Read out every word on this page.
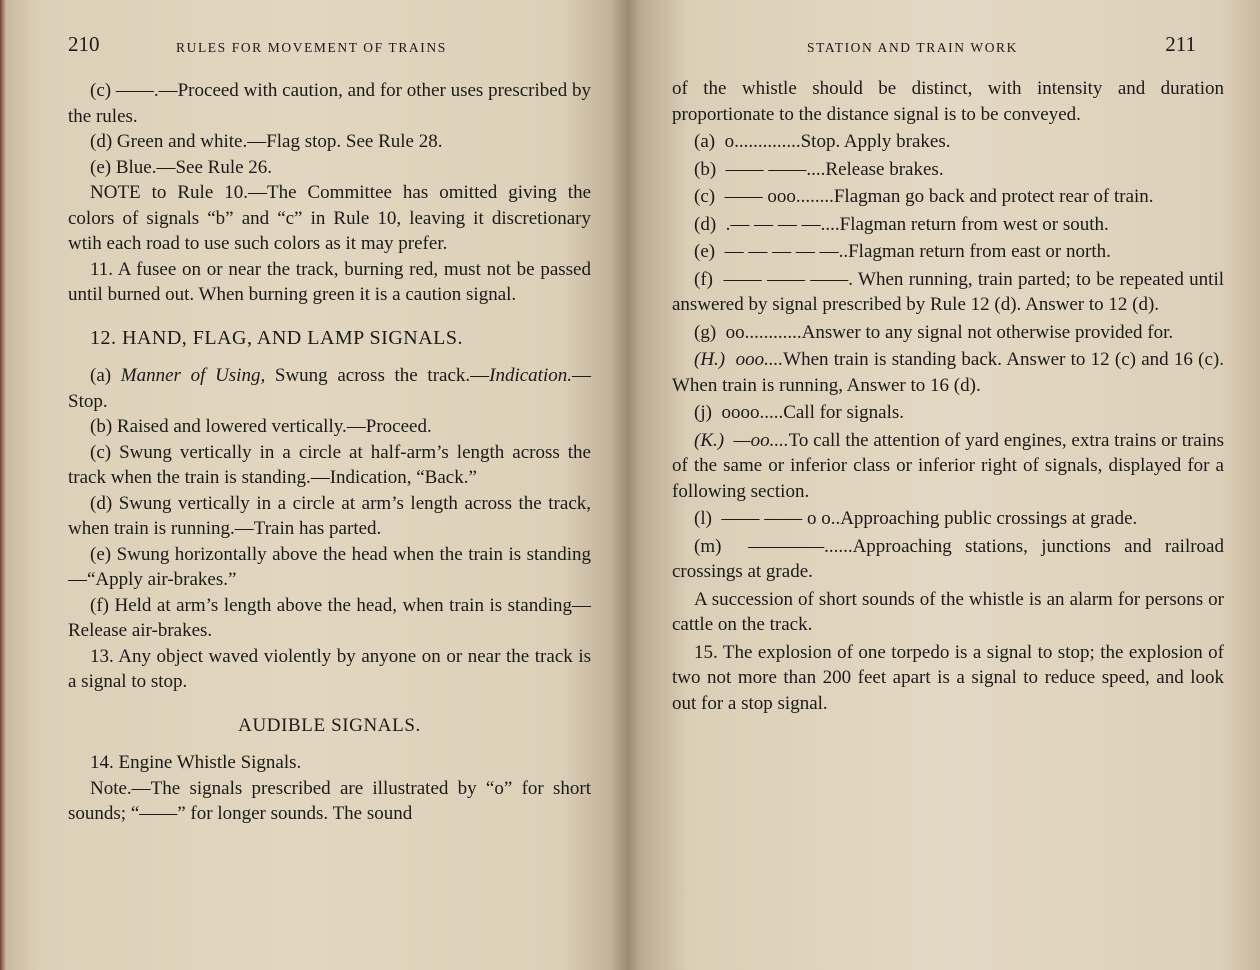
210	RULES FOR MOVEMENT OF TRAINS

(c) ——.—Proceed with caution, and for other uses prescribed by the rules.

(d) Green and white.—Flag stop. See Rule 28.

(e) Blue.—See Rule 26.

NOTE to Rule 10.—The Committee has omitted giving the colors of signals “b” and “c” in Rule 10, leaving it discretionary wtih each road to use such colors as it may prefer.

11. A fusee on or near the track, burning red, must not be passed until burned out. When burning green it is a caution signal.

12. HAND, FLAG, AND LAMP SIGNALS.

(a) Manner of Using, Swung across the track.—Indication.—Stop.

(b) Raised and lowered vertically.—Proceed.

(c) Swung vertically in a circle at half-arm’s length across the track when the train is standing.—Indication, “Back.”

(d) Swung vertically in a circle at arm’s length across the track, when train is running.—Train has parted.

(e) Swung horizontally above the head when the train is standing—“Apply air-brakes.”

(f) Held at arm’s length above the head, when train is standing—Release air-brakes.

13. Any object waved violently by anyone on or near the track is a signal to stop.

AUDIBLE SIGNALS.

14. Engine Whistle Signals.

Note.—The signals prescribed are illustrated by “o” for short sounds; “——” for longer sounds. The sound

STATION AND TRAIN WORK	211

of the whistle should be distinct, with intensity and duration proportionate to the distance signal is to be conveyed.

(a) o..............Stop. Apply brakes.

(b) —— ——....Release brakes.

(c) —— ooo........Flagman go back and protect rear of train.

(d) .— — — —....Flagman return from west or south.

(e) — — — — —..Flagman return from east or north.

(f) —— —— ——. When running, train parted; to be repeated until answered by signal prescribed by Rule 12 (d). Answer to 12 (d).

(g) oo............Answer to any signal not otherwise provided for.

(H.) ooo....When train is standing back. Answer to 12 (c) and 16 (c). When train is running, Answer to 16 (d).

(j) oooo.....Call for signals.

(K.) —oo....To call the attention of yard engines, extra trains or trains of the same or inferior class or inferior right of signals, displayed for a following section.

(l) —— —— o o..Approaching public crossings at grade.

(m) ————......Approaching stations, junctions and railroad crossings at grade.

A succession of short sounds of the whistle is an alarm for persons or cattle on the track.

15. The explosion of one torpedo is a signal to stop; the explosion of two not more than 200 feet apart is a signal to reduce speed, and look out for a stop signal.
